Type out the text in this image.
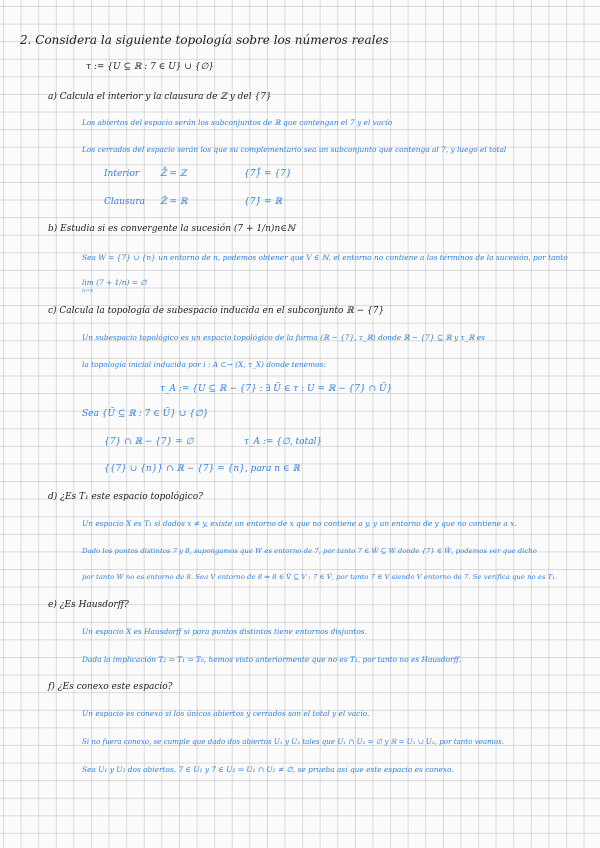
2. Considera la siguiente topología sobre los números reales
τ := {U ⊆ ℝ : 7 ∈ U} ∪ {∅}
a) Calcula el interior y la clausura de ℤ y del {7}
Los abiertos del espacio serán los subconjuntos de ℝ que contengan el 7 y el vacío
Los cerrados del espacio serán los que su complementario sea un subconjunto que contenga al 7, y luego el total
Interior ℤ̊ = ℤ	{7}̊ = {7}
Clausura ℤ̄ = ℝ	{7}̄ = ℝ
b) Estudia si es convergente la sucesión (7 + 1/n)n∈ℕ
Sea W = {7} ∪ {n} un entorno de n, podemos obtener que V ∈ ℕ, el entorno no contiene a los términos de la sucesión, por tanto
lim (7 + 1/n) = ∅
n→∞
c) Calcula la topología de subespacio inducida en el subconjunto ℝ − {7}
Un subespacio topológico es un espacio topológico de la forma (ℝ − {7}, τ_ℝ) donde ℝ − {7} ⊆ ℝ y τ_ℝ es
la topología inicial inducida por i : A ⊂→ (X, τ_X) donde tenemos:
τ_A := {U ⊆ ℝ − {7} : ∃ Ũ ∈ τ : U = ℝ − {7} ∩ Ũ}
Sea {Ũ ⊆ ℝ : 7 ∈ Ũ} ∪ {∅}
{7} ∩ ℝ − {7} = ∅	τ_A := {∅, total}
{{7} ∪ {n}} ∩ ℝ − {7} = {n}, para n ∈ ℝ
d) ¿Es T₁ este espacio topológico?
Un espacio X es T₁ si dados x ≠ y, existe un entorno de x que no contiene a y, y un entorno de y que no contiene a x.
Dado los puntos distintos 7 y 8, supongamos que W es entorno de 7, por tanto 7 ∈ W̃ ⊆ W donde {7} ∈ W̃, podemos ver que dicho
por tanto W no es entorno de 8. Sea V entorno de 8 ⇒ 8 ∈ Ṽ ⊆ V : 7 ∈ Ṽ, por tanto 7 ∈ V siendo V entorno de 7. Se verifica que no es T₁.
e) ¿Es Hausdorff?
Un espacio X es Hausdorff si para puntos distintos tiene entornos disjuntos.
Dada la implicación T₂ ⇒ T₁ ⇒ T₀, hemos visto anteriormente que no es T₁, por tanto no es Hausdorff.
f) ¿Es conexo este espacio?
Un espacio es conexo si los únicos abiertos y cerrados son el total y el vacío.
Si no fuera conexo, se cumple que dado dos abiertos U₁ y U₂ tales que U₁ ∩ U₂ = ∅ y ℝ = U₁ ∪ U₂, por tanto veamos.
Sea U₁ y U₂ dos abiertos, 7 ∈ U₁ y 7 ∈ U₂ ⇒ U₁ ∩ U₂ ≠ ∅, se prueba así que este espacio es conexo.
